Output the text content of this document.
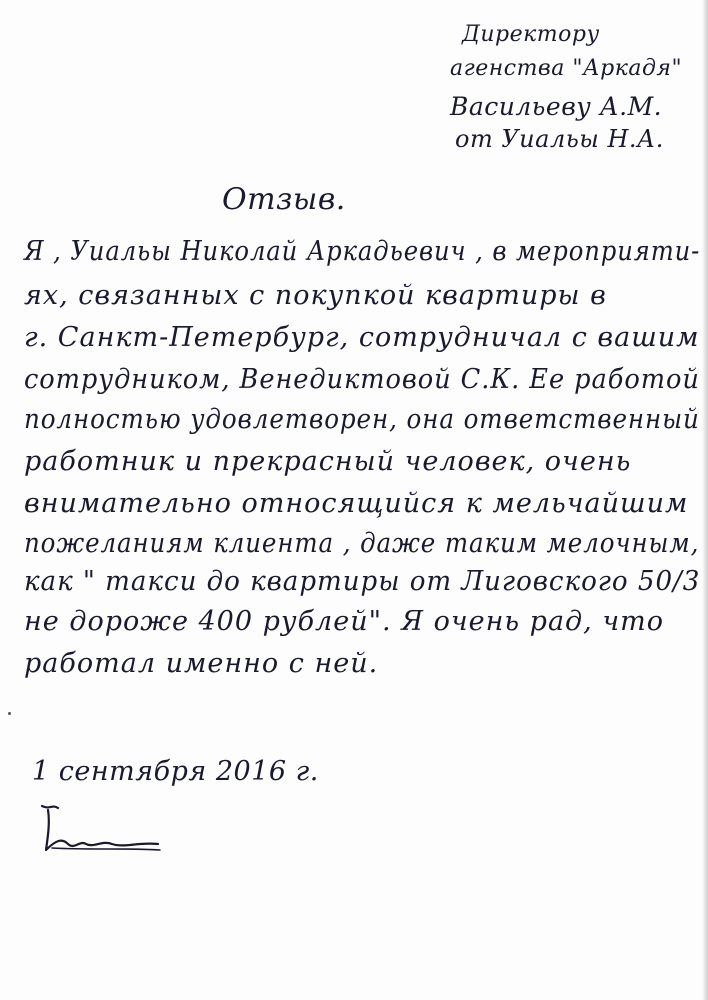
Директору
агенства "Аркадя"
Васильеву А.М.
от Уиальы Н.А.
Отзыв.
Я , Уиальы Николай Аркадьевич , в мероприяти-
ях, связанных с покупкой квартиры в
г. Санкт-Петербург, сотрудничал с вашим
сотрудником, Венедиктовой С.К. Ее работой
полностью удовлетворен, она ответственный
работник и прекрасный человек, очень
внимательно относящийся к мельчайшим
пожеланиям клиента , даже таким мелочным,
как " такси до квартиры от Лиговского 50/3
не дороже 400 рублей". Я очень рад, что
работал именно с ней.
1 сентября 2016 г.
